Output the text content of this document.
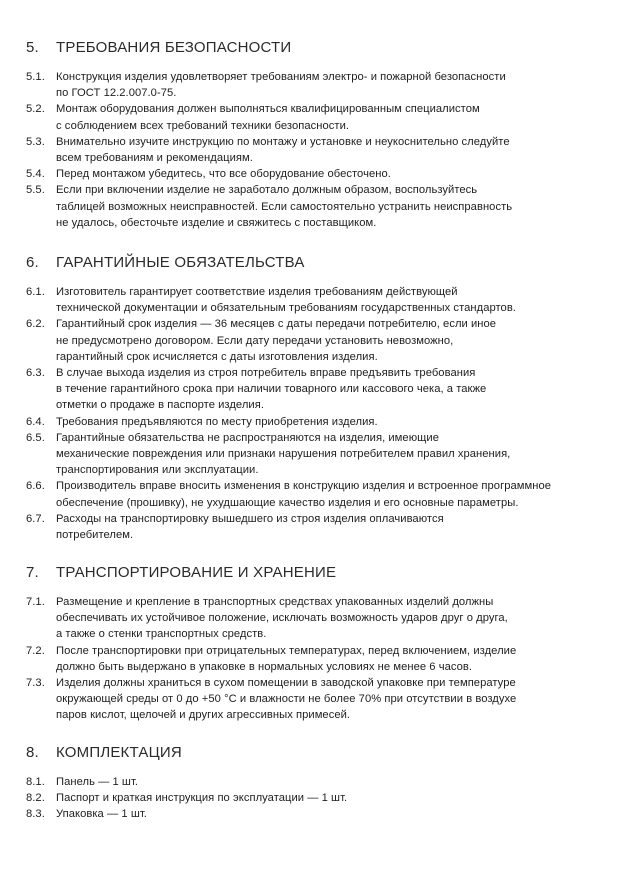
5. ТРЕБОВАНИЯ БЕЗОПАСНОСТИ
5.1. Конструкция изделия удовлетворяет требованиям электро- и пожарной безопасности
по ГОСТ 12.2.007.0-75.
5.2. Монтаж оборудования должен выполняться квалифицированным специалистом
с соблюдением всех требований техники безопасности.
5.3. Внимательно изучите инструкцию по монтажу и установке и неукоснительно следуйте
всем требованиям и рекомендациям.
5.4. Перед монтажом убедитесь, что все оборудование обесточено.
5.5. Если при включении изделие не заработало должным образом, воспользуйтесь
таблицей возможных неисправностей. Если самостоятельно устранить неисправность
не удалось, обесточьте изделие и свяжитесь с поставщиком.
6. ГАРАНТИЙНЫЕ ОБЯЗАТЕЛЬСТВА
6.1. Изготовитель гарантирует соответствие изделия требованиям действующей
технической документации и обязательным требованиям государственных стандартов.
6.2. Гарантийный срок изделия — 36 месяцев с даты передачи потребителю, если иное
не предусмотрено договором. Если дату передачи установить невозможно,
гарантийный срок исчисляется с даты изготовления изделия.
6.3. В случае выхода изделия из строя потребитель вправе предъявить требования
в течение гарантийного срока при наличии товарного или кассового чека, а также
отметки о продаже в паспорте изделия.
6.4. Требования предъявляются по месту приобретения изделия.
6.5. Гарантийные обязательства не распространяются на изделия, имеющие
механические повреждения или признаки нарушения потребителем правил хранения,
транспортирования или эксплуатации.
6.6. Производитель вправе вносить изменения в конструкцию изделия и встроенное программное
обеспечение (прошивку), не ухудшающие качество изделия и его основные параметры.
6.7. Расходы на транспортировку вышедшего из строя изделия оплачиваются
потребителем.
7. ТРАНСПОРТИРОВАНИЕ И ХРАНЕНИЕ
7.1. Размещение и крепление в транспортных средствах упакованных изделий должны
обеспечивать их устойчивое положение, исключать возможность ударов друг о друга,
а также о стенки транспортных средств.
7.2. После транспортировки при отрицательных температурах, перед включением, изделие
должно быть выдержано в упаковке в нормальных условиях не менее 6 часов.
7.3. Изделия должны храниться в сухом помещении в заводской упаковке при температуре
окружающей среды от 0 до +50 °C и влажности не более 70% при отсутствии в воздухе
паров кислот, щелочей и других агрессивных примесей.
8. КОМПЛЕКТАЦИЯ
8.1. Панель — 1 шт.
8.2. Паспорт и краткая инструкция по эксплуатации — 1 шт.
8.3. Упаковка — 1 шт.
